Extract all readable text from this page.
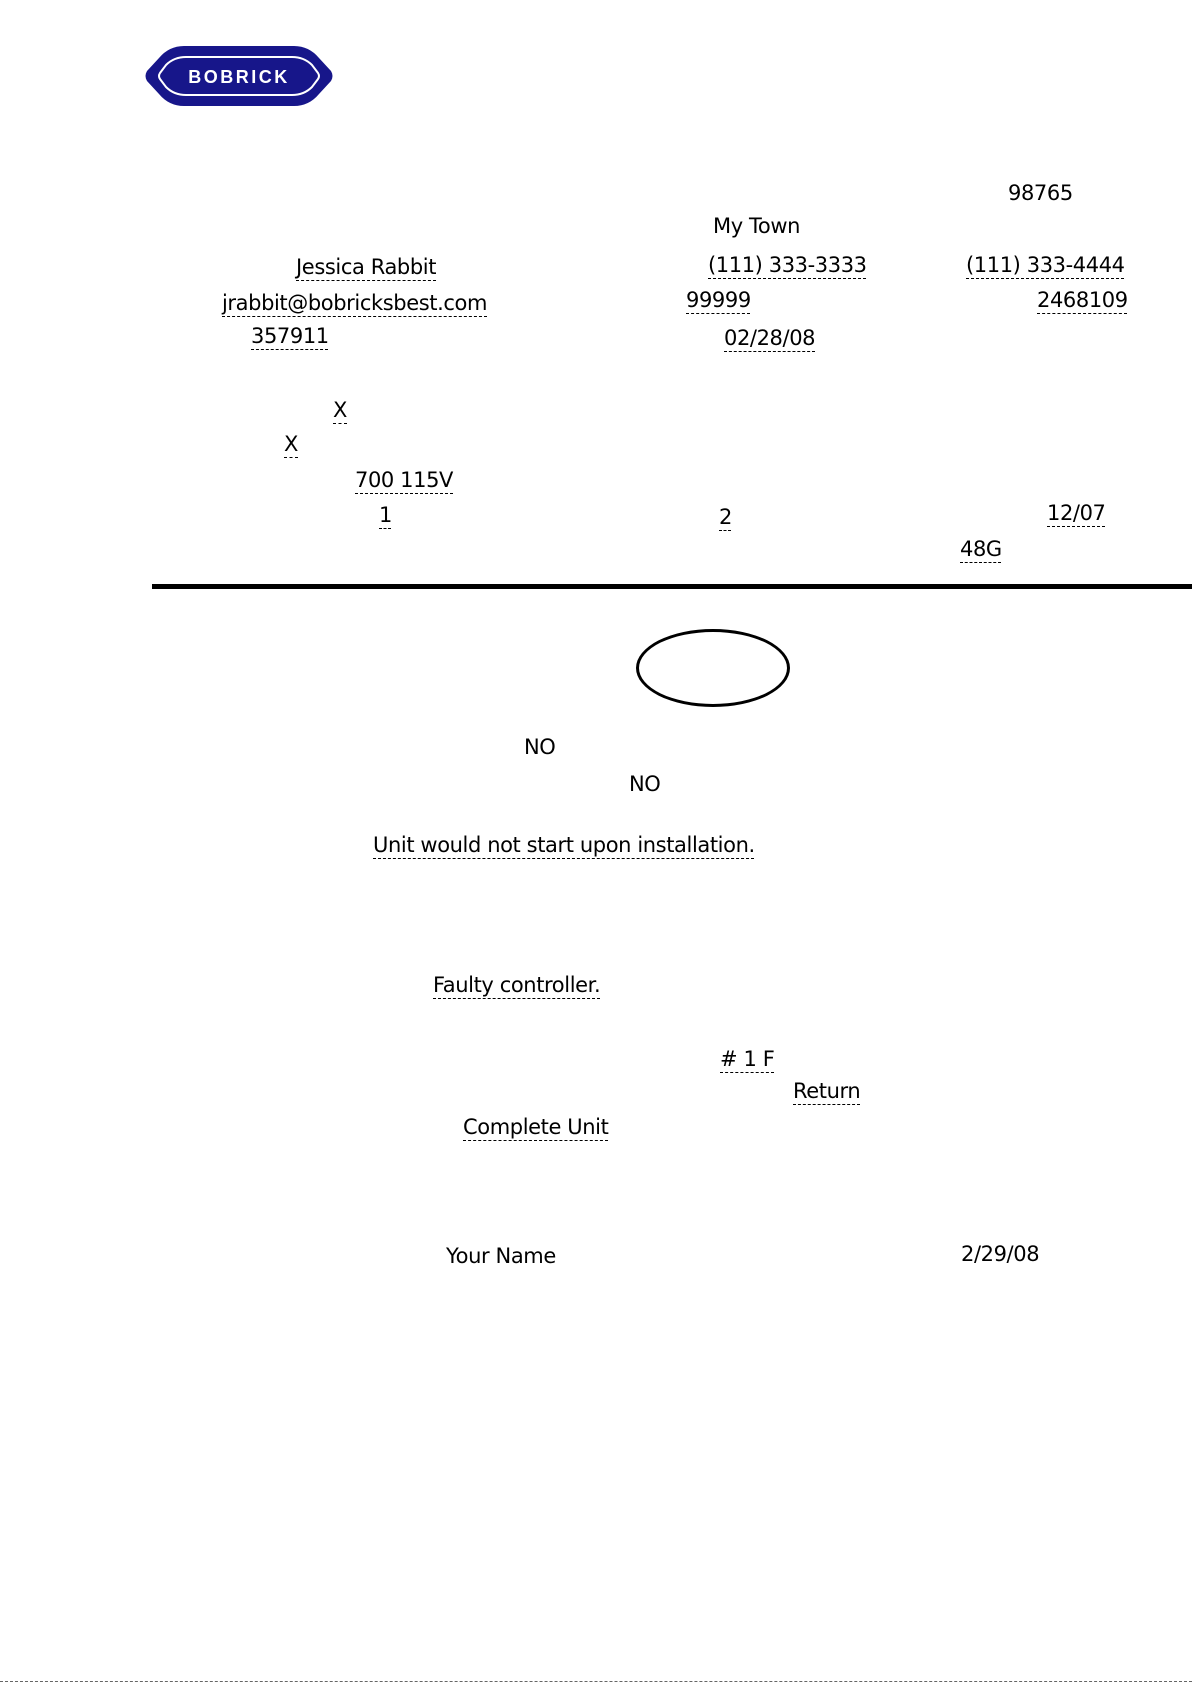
BOBRICK
98765
My Town
Jessica Rabbit	(111) 333-3333	(111) 333-4444
jrabbit@bobricksbest.com	99999	2468109
357911	02/28/08
X
X
700 115V
1	2	12/07
48G
NO
NO
Unit would not start upon installation.
Faulty controller.
# 1 F
Return
Complete Unit
Your Name	2/29/08
